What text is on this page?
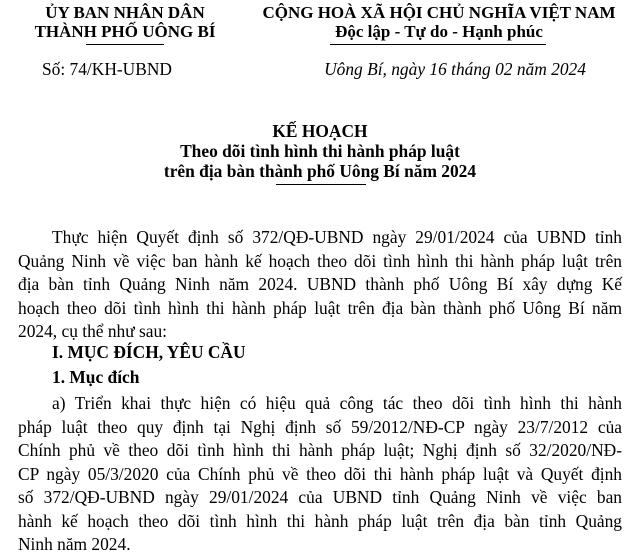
ỦY BAN NHÂN DÂN
THÀNH PHỐ UÔNG BÍ
CỘNG HOÀ XÃ HỘI CHỦ NGHĨA VIỆT NAM
Độc lập - Tự do - Hạnh phúc
Số: 74/KH-UBND	Uông Bí, ngày 16 tháng 02 năm 2024
KẾ HOẠCH
Theo dõi tình hình thi hành pháp luật
trên địa bàn thành phố Uông Bí năm 2024
Thực hiện Quyết định số 372/QĐ-UBND ngày 29/01/2024 của UBND tỉnh
Quảng Ninh về việc ban hành kế hoạch theo dõi tình hình thi hành pháp luật trên
địa bàn tỉnh Quảng Ninh năm 2024. UBND thành phố Uông Bí xây dựng Kế
hoạch theo dõi tình hình thi hành pháp luật trên địa bàn thành phố Uông Bí năm
2024, cụ thể như sau:
I. MỤC ĐÍCH, YÊU CẦU
1. Mục đích
a) Triển khai thực hiện có hiệu quả công tác theo dõi tình hình thi hành
pháp luật theo quy định tại Nghị định số 59/2012/NĐ-CP ngày 23/7/2012 của
Chính phủ về theo dõi tình hình thi hành pháp luật; Nghị định số 32/2020/NĐ-
CP ngày 05/3/2020 của Chính phủ về theo dõi thi hành pháp luật và Quyết định
số 372/QĐ-UBND ngày 29/01/2024 của UBND tỉnh Quảng Ninh về việc ban
hành kế hoạch theo dõi tình hình thi hành pháp luật trên địa bàn tỉnh Quảng
Ninh năm 2024.
